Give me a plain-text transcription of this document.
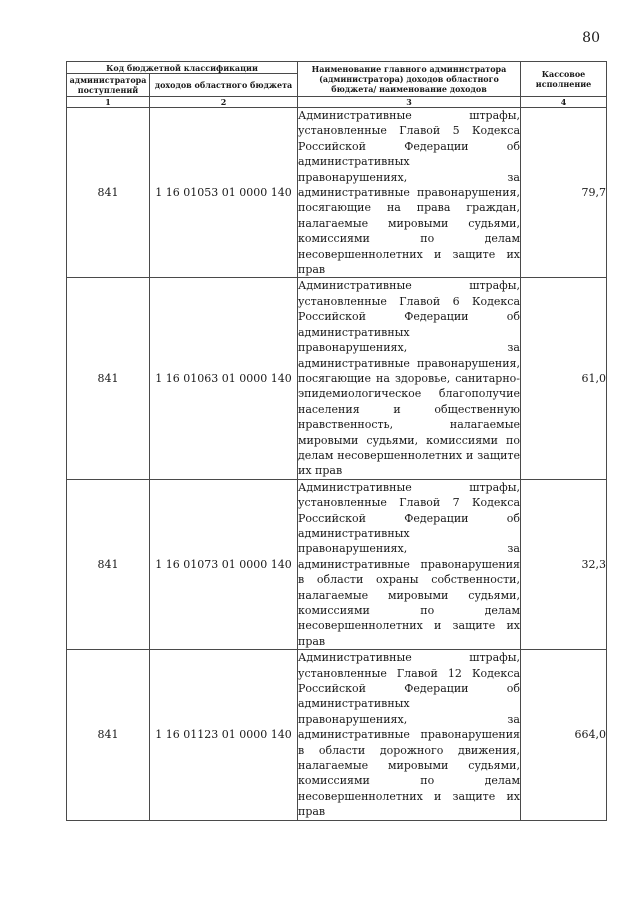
80
Код бюджетной классификации		Наименование главного администратора (администратора) доходов областного бюджета/ наименование доходов	Кассовое исполнение
администратора поступлений	доходов областного бюджета		
1	2	3	4
841	1 16 01053 01 0000 140	Административные штрафы, установленные Главой 5 Кодекса Российской Федерации об административных правонарушениях, за административные правонарушения, посягающие на права граждан, налагаемые мировыми судьями, комиссиями по делам несовершеннолетних и защите их прав	79,7
841	1 16 01063 01 0000 140	Административные штрафы, установленные Главой 6 Кодекса Российской Федерации об административных правонарушениях, за административные правонарушения, посягающие на здоровье, санитарно-эпидемиологическое благополучие населения и общественную нравственность, налагаемые мировыми судьями, комиссиями по делам несовершеннолетних и защите их прав	61,0
841	1 16 01073 01 0000 140	Административные штрафы, установленные Главой 7 Кодекса Российской Федерации об административных правонарушениях, за административные правонарушения в области охраны собственности, налагаемые мировыми судьями, комиссиями по делам несовершеннолетних и защите их прав	32,3
841	1 16 01123 01 0000 140	Административные штрафы, установленные Главой 12 Кодекса Российской Федерации об административных правонарушениях, за административные правонарушения в области дорожного движения, налагаемые мировыми судьями, комиссиями по делам несовершеннолетних и защите их прав	664,0
